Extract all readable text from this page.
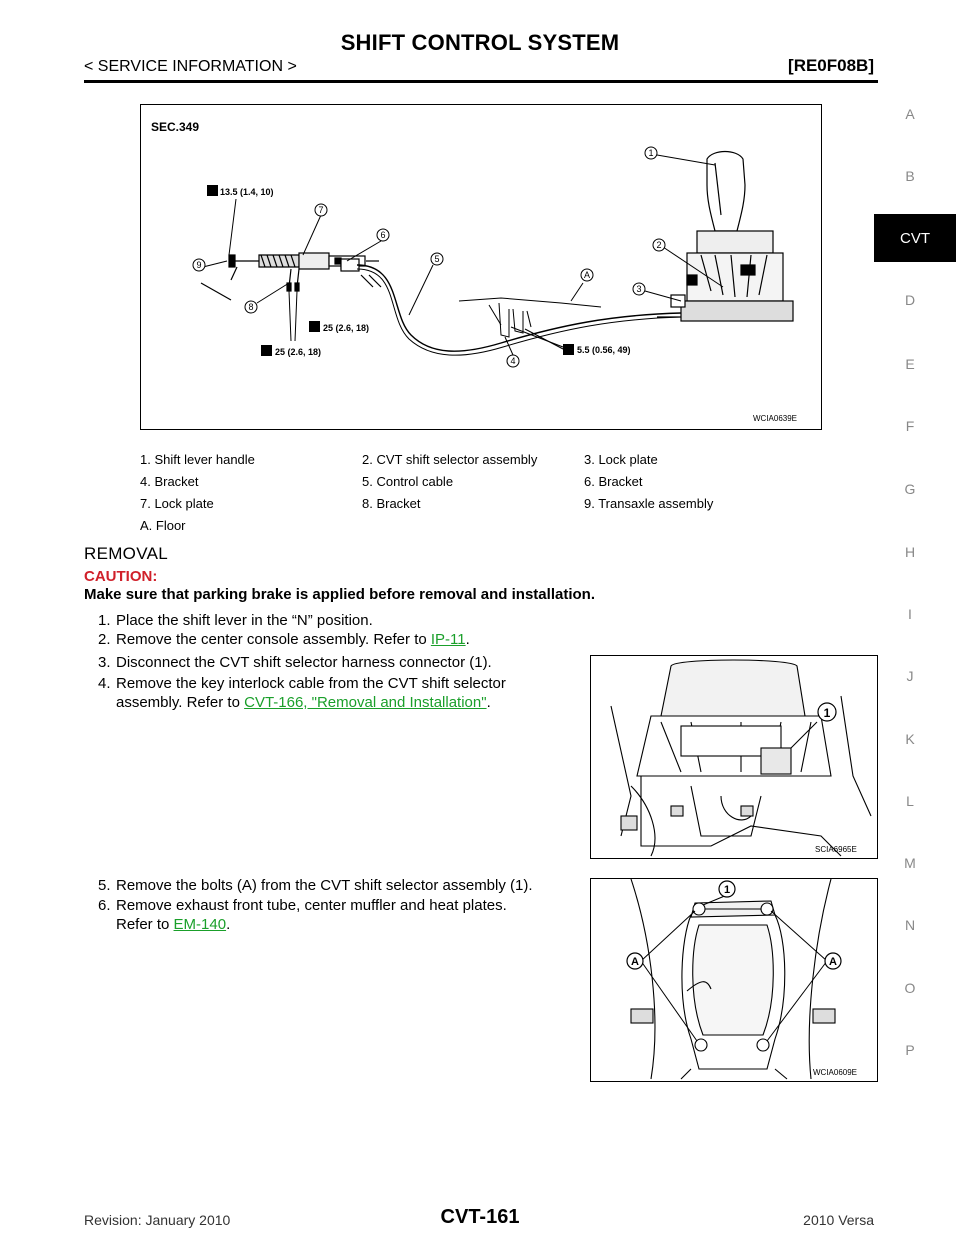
SHIFT CONTROL SYSTEM
< SERVICE INFORMATION >	[RE0F08B]
A
B
CVT
D
E
F
G
H
I
J
K
L
M
N
O
P
SEC.349
13.5 (1.4, 10)
25 (2.6, 18)
25 (2.6, 18)	5.5 (0.56, 49)
1
2
3
4
5
6
7
8
9
A
WCIA0639E
1. Shift lever handle	2. CVT shift selector assembly	3. Lock plate
4. Bracket	5. Control cable	6. Bracket
7. Lock plate	8. Bracket	9. Transaxle assembly
A. Floor		
REMOVAL
CAUTION:
Make sure that parking brake is applied before removal and installation.
1. Place the shift lever in the “N” position.
2. Remove the center console assembly. Refer to IP-11.
3. Disconnect the CVT shift selector harness connector (1).
4. Remove the key interlock cable from the CVT shift selector
assembly. Refer to CVT-166, "Removal and Installation".
1
SCIA6965E
5. Remove the bolts (A) from the CVT shift selector assembly (1).
6. Remove exhaust front tube, center muffler and heat plates.
Refer to EM-140.
A	A
1
WCIA0609E
Revision: January 2010	CVT-161	2010 Versa
